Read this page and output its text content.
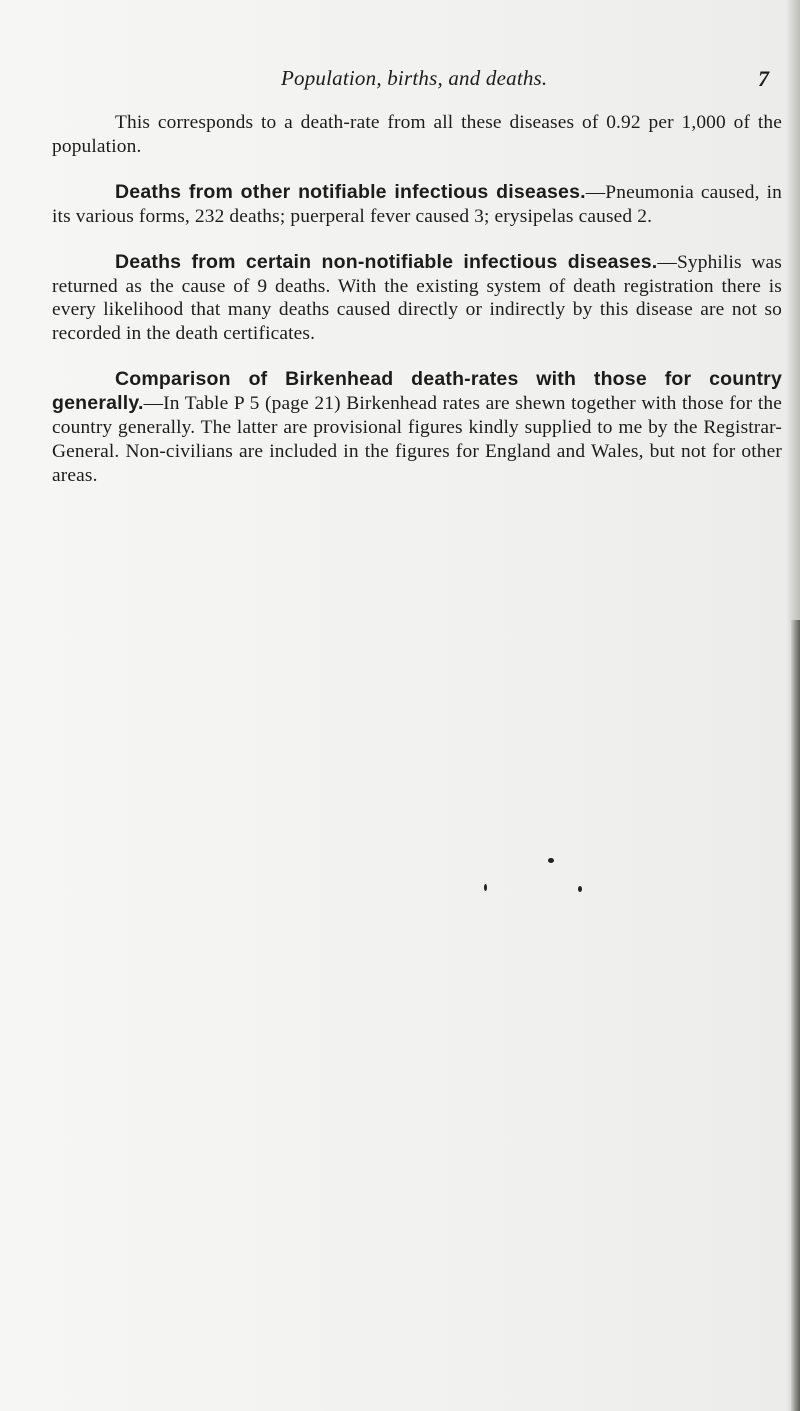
Population, births, and deaths.	7

This corresponds to a death-rate from all these diseases of 0.92 per 1,000 of the population.

Deaths from other notifiable infectious diseases.—Pneumonia caused, in its various forms, 232 deaths; puerperal fever caused 3; erysipelas caused 2.

Deaths from certain non-notifiable infectious diseases.—Syphilis was returned as the cause of 9 deaths. With the existing system of death registration there is every likelihood that many deaths caused directly or indirectly by this disease are not so recorded in the death certificates.

Comparison of Birkenhead death-rates with those for country generally.—In Table P 5 (page 21) Birkenhead rates are shewn together with those for the country generally. The latter are provisional figures kindly supplied to me by the Registrar-General. Non-civilians are included in the figures for England and Wales, but not for other areas.
